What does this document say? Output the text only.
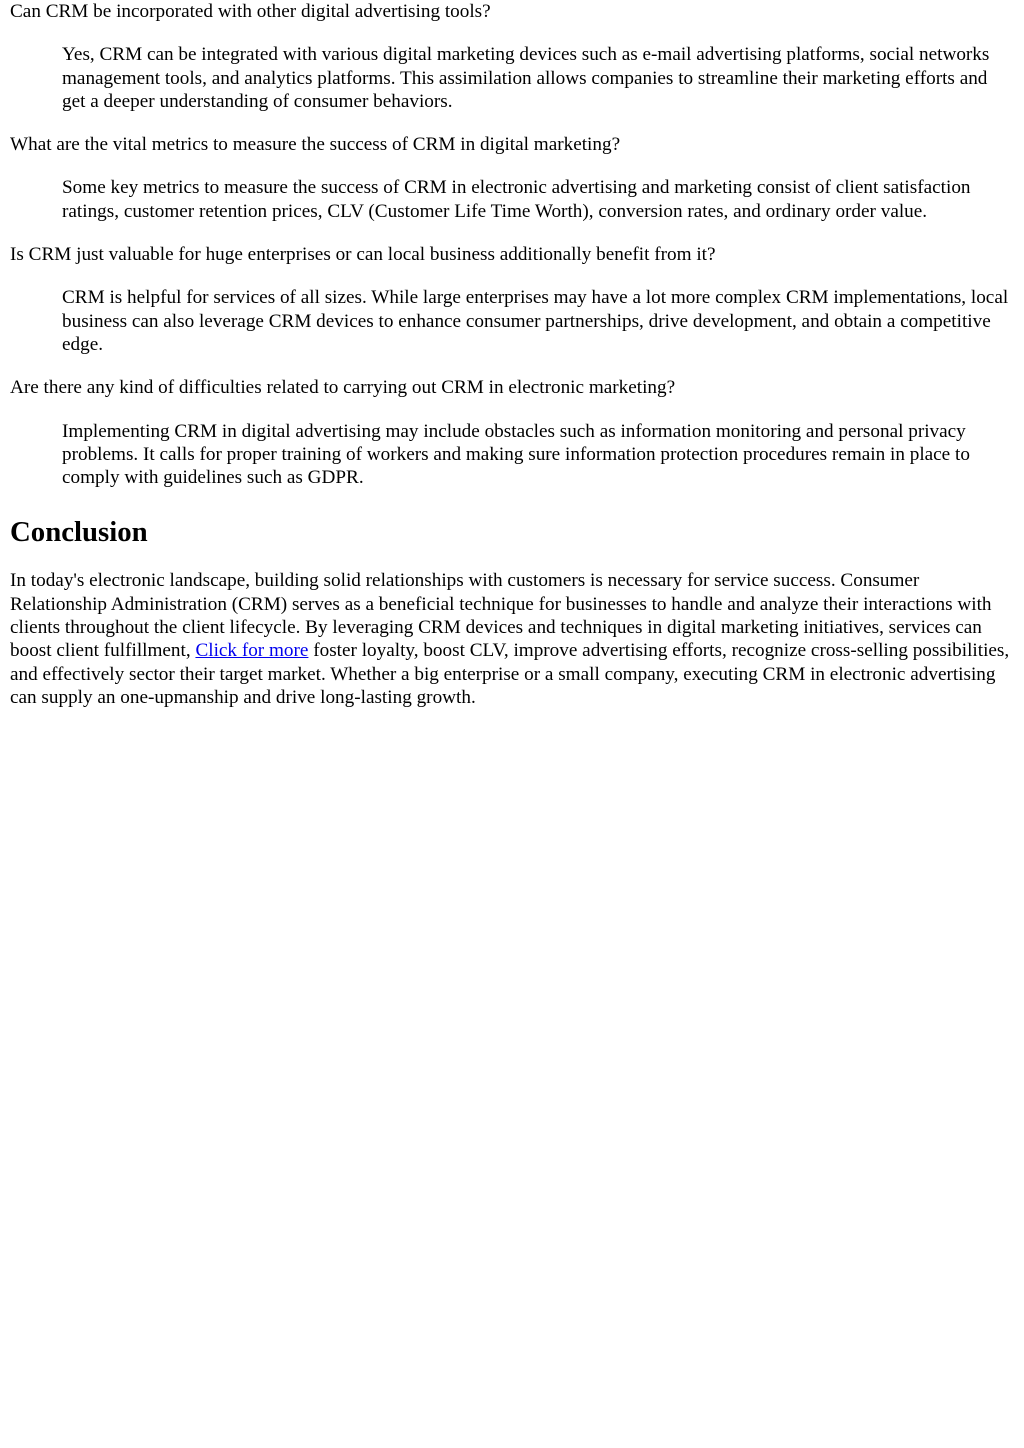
Can CRM be incorporated with other digital advertising tools?

Yes, CRM can be integrated with various digital marketing devices such as e-mail advertising platforms, social networks management tools, and analytics platforms. This assimilation allows companies to streamline their marketing efforts and get a deeper understanding of consumer behaviors.

What are the vital metrics to measure the success of CRM in digital marketing?

Some key metrics to measure the success of CRM in electronic advertising and marketing consist of client satisfaction ratings, customer retention prices, CLV (Customer Life Time Worth), conversion rates, and ordinary order value.

Is CRM just valuable for huge enterprises or can local business additionally benefit from it?

CRM is helpful for services of all sizes. While large enterprises may have a lot more complex CRM implementations, local business can also leverage CRM devices to enhance consumer partnerships, drive development, and obtain a competitive edge.

Are there any kind of difficulties related to carrying out CRM in electronic marketing?

Implementing CRM in digital advertising may include obstacles such as information monitoring and personal privacy problems. It calls for proper training of workers and making sure information protection procedures remain in place to comply with guidelines such as GDPR.

Conclusion

In today's electronic landscape, building solid relationships with customers is necessary for service success. Consumer Relationship Administration (CRM) serves as a beneficial technique for businesses to handle and analyze their interactions with clients throughout the client lifecycle. By leveraging CRM devices and techniques in digital marketing initiatives, services can boost client fulfillment, Click for more foster loyalty, boost CLV, improve advertising efforts, recognize cross-selling possibilities, and effectively sector their target market. Whether a big enterprise or a small company, executing CRM in electronic advertising can supply an one-upmanship and drive long-lasting growth.
